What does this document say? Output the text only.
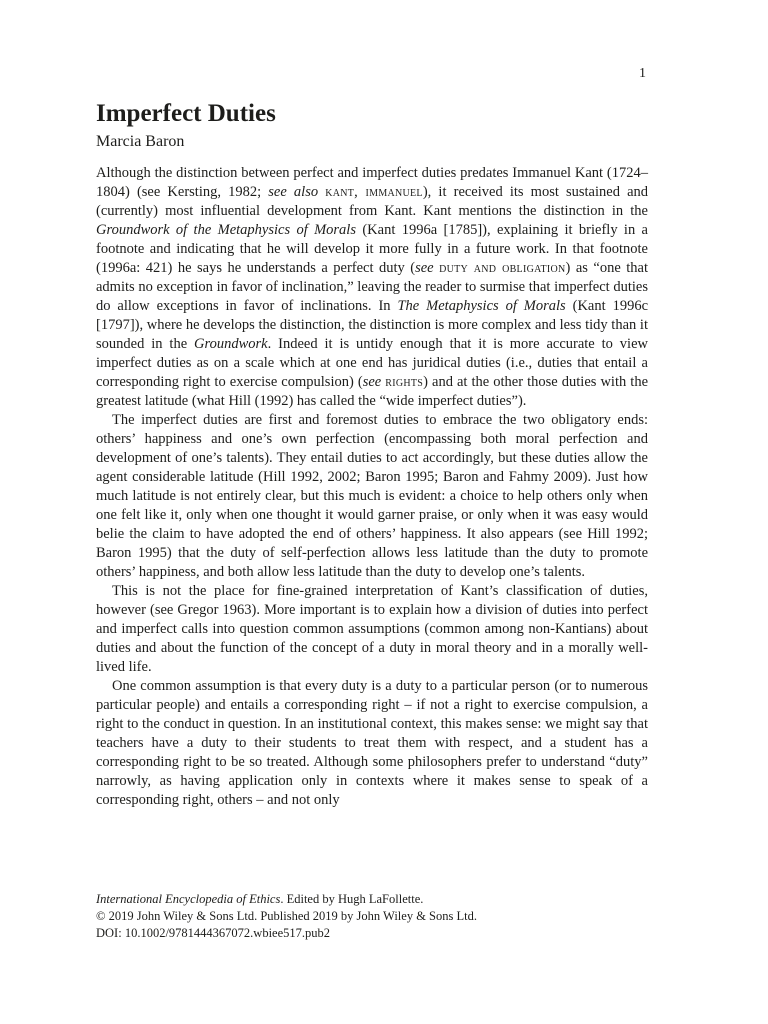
1
Imperfect Duties
Marcia Baron

Although the distinction between perfect and imperfect duties predates Immanuel Kant (1724–1804) (see Kersting, 1982; see also kant, immanuel), it received its most sustained and (currently) most influential development from Kant. Kant mentions the distinction in the Groundwork of the Metaphysics of Morals (Kant 1996a [1785]), explaining it briefly in a footnote and indicating that he will develop it more fully in a future work. In that footnote (1996a: 421) he says he understands a perfect duty (see duty and obligation) as “one that admits no exception in favor of inclination,” leaving the reader to surmise that imperfect duties do allow exceptions in favor of inclinations. In The Metaphysics of Morals (Kant 1996c [1797]), where he develops the distinction, the distinction is more complex and less tidy than it sounded in the Groundwork. Indeed it is untidy enough that it is more accurate to view imperfect duties as on a scale which at one end has juridical duties (i.e., duties that entail a corresponding right to exercise compulsion) (see rights) and at the other those duties with the greatest latitude (what Hill (1992) has called the “wide imperfect duties”).

The imperfect duties are first and foremost duties to embrace the two obligatory ends: others’ happiness and one’s own perfection (encompassing both moral perfection and development of one’s talents). They entail duties to act accordingly, but these duties allow the agent considerable latitude (Hill 1992, 2002; Baron 1995; Baron and Fahmy 2009). Just how much latitude is not entirely clear, but this much is evident: a choice to help others only when one felt like it, only when one thought it would garner praise, or only when it was easy would belie the claim to have adopted the end of others’ happiness. It also appears (see Hill 1992; Baron 1995) that the duty of self-perfection allows less latitude than the duty to promote others’ happiness, and both allow less latitude than the duty to develop one’s talents.

This is not the place for fine-grained interpretation of Kant’s classification of duties, however (see Gregor 1963). More important is to explain how a division of duties into perfect and imperfect calls into question common assumptions (common among non-Kantians) about duties and about the function of the concept of a duty in moral theory and in a morally well-lived life.

One common assumption is that every duty is a duty to a particular person (or to numerous particular people) and entails a corresponding right – if not a right to exercise compulsion, a right to the conduct in question. In an institutional context, this makes sense: we might say that teachers have a duty to their students to treat them with respect, and a student has a corresponding right to be so treated. Although some philosophers prefer to understand “duty” narrowly, as having application only in contexts where it makes sense to speak of a corresponding right, others – and not only

International Encyclopedia of Ethics. Edited by Hugh LaFollette.
© 2019 John Wiley & Sons Ltd. Published 2019 by John Wiley & Sons Ltd.
DOI: 10.1002/9781444367072.wbiee517.pub2
